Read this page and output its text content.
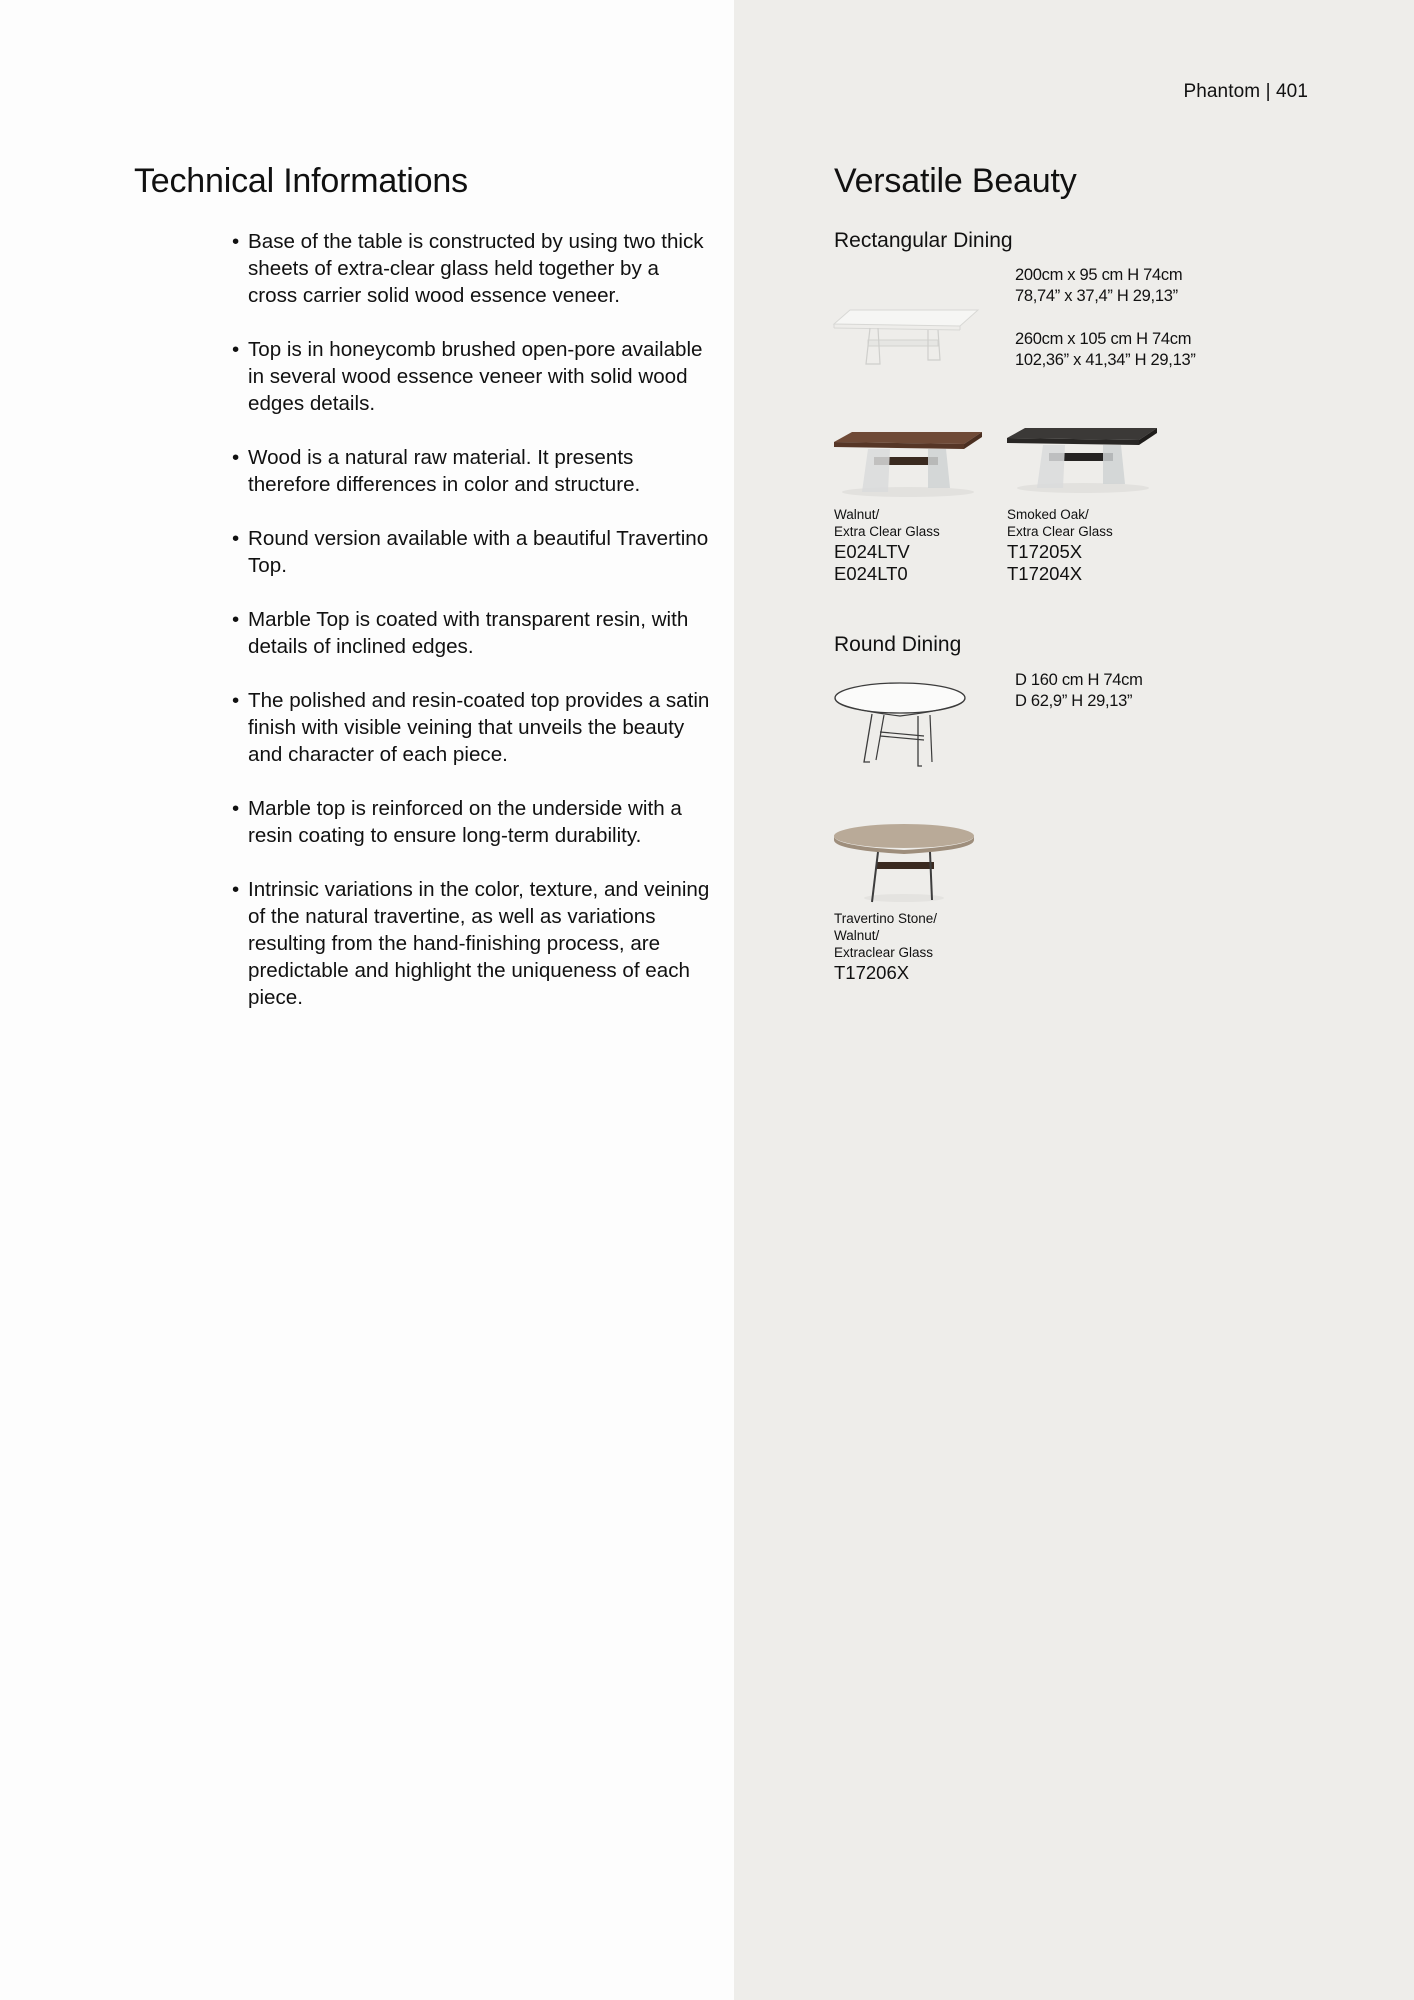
Phantom | 401
Technical Informations
• Base of the table is constructed by using two thick sheets of extra-clear glass held together by a cross carrier solid wood essence veneer.
• Top is in honeycomb brushed open-pore available in several wood essence veneer with solid wood edges details.
• Wood is a natural raw material. It presents therefore differences in color and structure.
• Round version available with a beautiful Travertino Top.
• Marble Top is coated with transparent resin, with details of inclined edges.
• The polished and resin-coated top provides a satin finish with visible veining that unveils the beauty and character of each piece.
• Marble top is reinforced on the underside with a resin coating to ensure long-term durability.
• Intrinsic variations in the color, texture, and veining of the natural travertine, as well as variations resulting from the hand-finishing process, are predictable and highlight the uniqueness of each piece.
Versatile Beauty
Rectangular Dining
200cm x 95 cm H 74cm
78,74” x 37,4” H 29,13”
260cm x 105 cm H 74cm
102,36” x 41,34” H 29,13”
Walnut/
Extra Clear Glass
E024LTV
E024LT0
Smoked Oak/
Extra Clear Glass
T17205X
T17204X
Round Dining
D 160 cm H 74cm
D 62,9” H 29,13”
Travertino Stone/
Walnut/
Extraclear Glass
T17206X
